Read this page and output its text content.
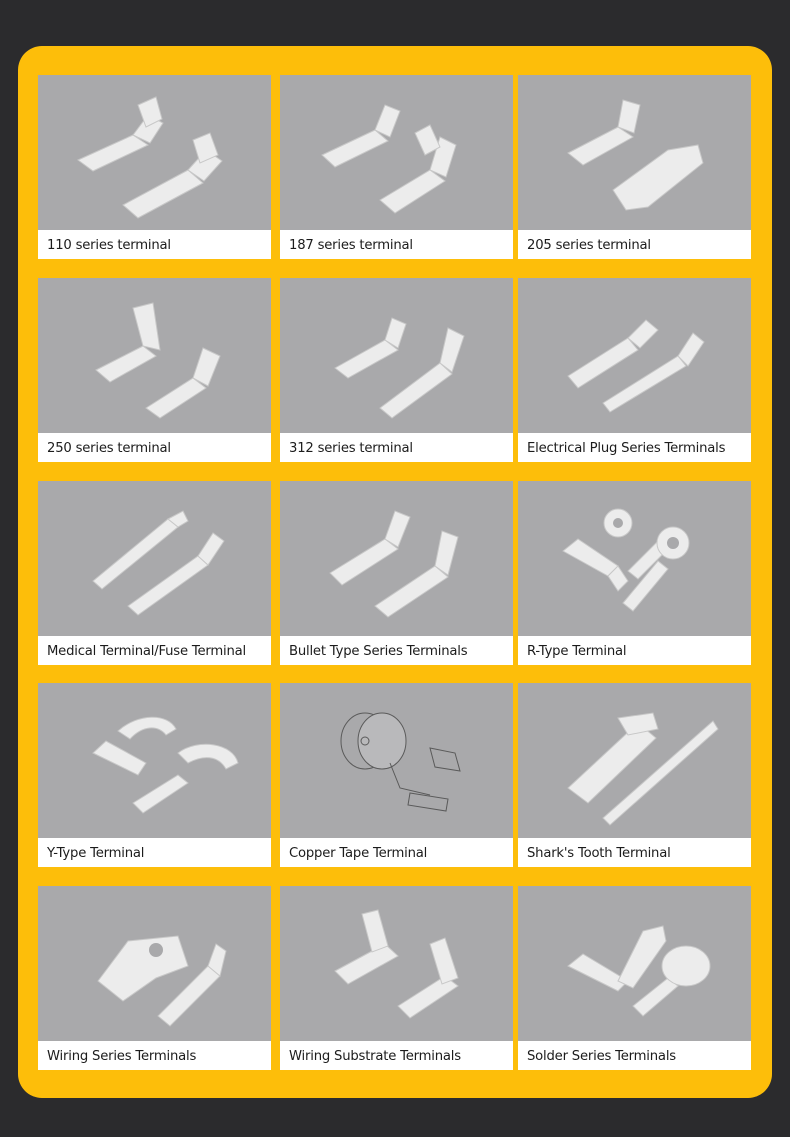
110 series terminal	187 series terminal	205 series terminal
250 series terminal	312 series terminal	Electrical Plug Series Terminals
Medical Terminal/Fuse Terminal	Bullet Type Series Terminals	R-Type Terminal
Y-Type Terminal	Copper Tape Terminal	Shark's Tooth Terminal
Wiring Series Terminals	Wiring Substrate Terminals	Solder Series Terminals
